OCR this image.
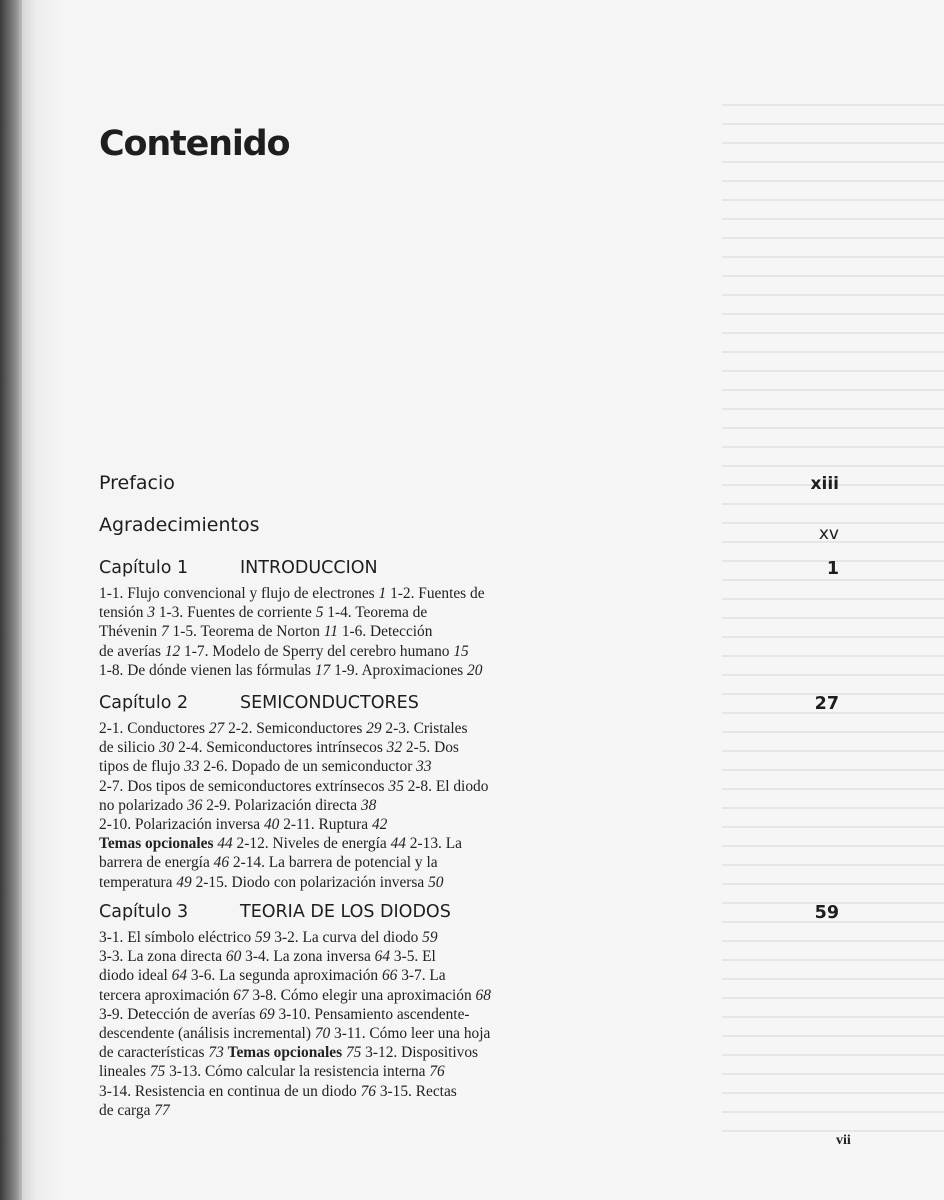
Contenido
Prefacio	xiii
Agradecimientos	xv
Capítulo 1	INTRODUCCION	1
1-1. Flujo convencional y flujo de electrones 1 1-2. Fuentes de
tensión 3 1-3. Fuentes de corriente 5 1-4. Teorema de
Thévenin 7 1-5. Teorema de Norton 11 1-6. Detección
de averías 12 1-7. Modelo de Sperry del cerebro humano 15
1-8. De dónde vienen las fórmulas 17 1-9. Aproximaciones 20
Capítulo 2	SEMICONDUCTORES	27
2-1. Conductores 27 2-2. Semiconductores 29 2-3. Cristales
de silicio 30 2-4. Semiconductores intrínsecos 32 2-5. Dos
tipos de flujo 33 2-6. Dopado de un semiconductor 33
2-7. Dos tipos de semiconductores extrínsecos 35 2-8. El diodo
no polarizado 36 2-9. Polarización directa 38
2-10. Polarización inversa 40 2-11. Ruptura 42
Temas opcionales 44 2-12. Niveles de energía 44 2-13. La
barrera de energía 46 2-14. La barrera de potencial y la
temperatura 49 2-15. Diodo con polarización inversa 50
Capítulo 3	TEORIA DE LOS DIODOS	59
3-1. El símbolo eléctrico 59 3-2. La curva del diodo 59
3-3. La zona directa 60 3-4. La zona inversa 64 3-5. El
diodo ideal 64 3-6. La segunda aproximación 66 3-7. La
tercera aproximación 67 3-8. Cómo elegir una aproximación 68
3-9. Detección de averías 69 3-10. Pensamiento ascendente-
descendente (análisis incremental) 70 3-11. Cómo leer una hoja
de características 73 Temas opcionales 75 3-12. Dispositivos
lineales 75 3-13. Cómo calcular la resistencia interna 76
3-14. Resistencia en continua de un diodo 76 3-15. Rectas
de carga 77
vii
